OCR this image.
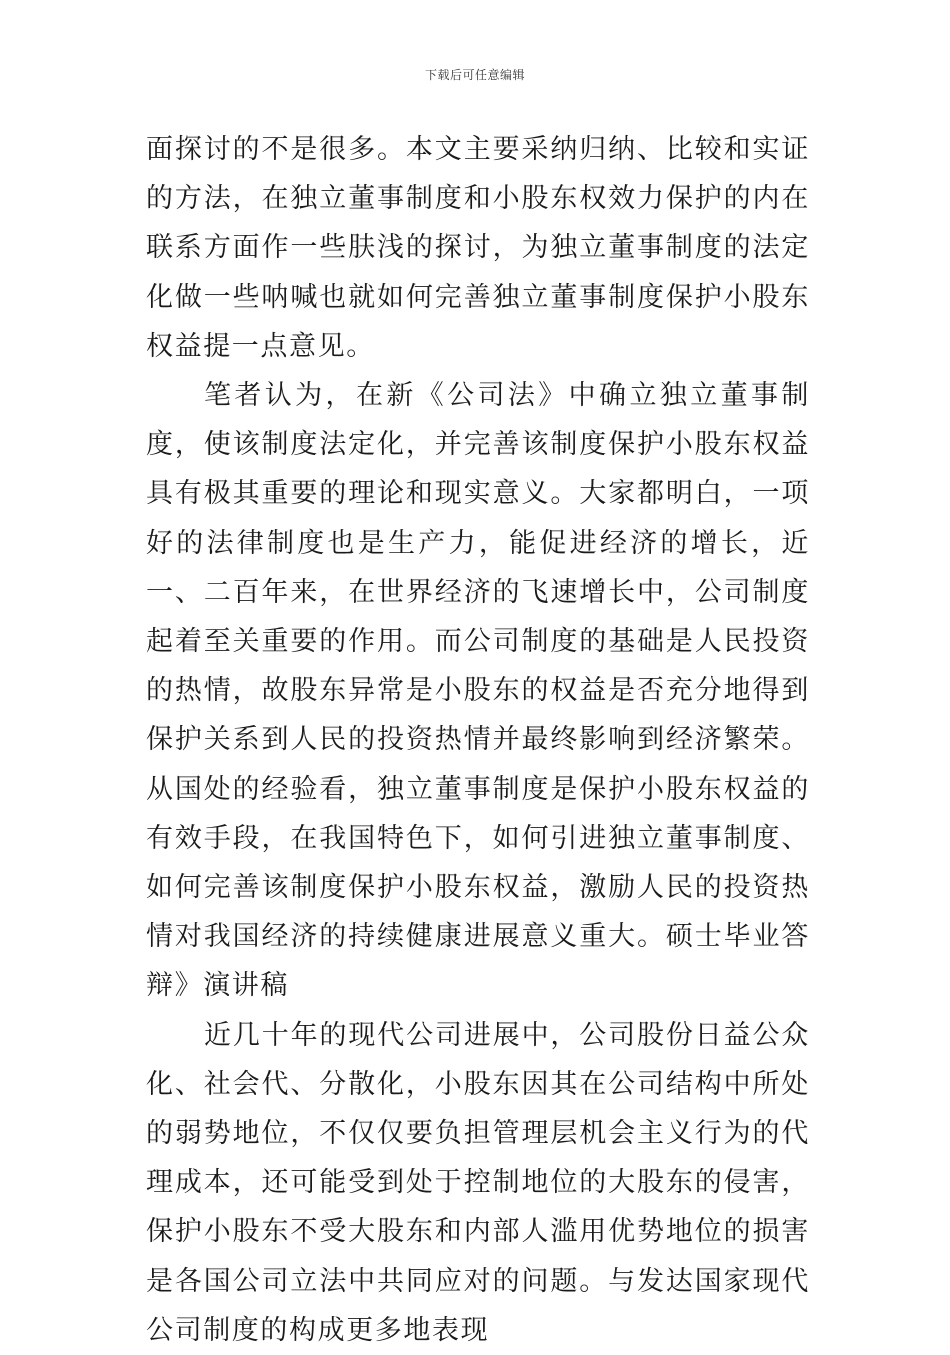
下载后可任意编辑

面探讨的不是很多。本文主要采纳归纳、比较和实证的方法，在独立董事制度和小股东权效力保护的内在联系方面作一些肤浅的探讨，为独立董事制度的法定化做一些呐喊也就如何完善独立董事制度保护小股东权益提一点意见。

笔者认为，在新《公司法》中确立独立董事制度，使该制度法定化，并完善该制度保护小股东权益具有极其重要的理论和现实意义。大家都明白，一项好的法律制度也是生产力，能促进经济的增长，近一、二百年来，在世界经济的飞速增长中，公司制度起着至关重要的作用。而公司制度的基础是人民投资的热情，故股东异常是小股东的权益是否充分地得到保护关系到人民的投资热情并最终影响到经济繁荣。从国处的经验看，独立董事制度是保护小股东权益的有效手段，在我国特色下，如何引进独立董事制度、如何完善该制度保护小股东权益，激励人民的投资热情对我国经济的持续健康进展意义重大。硕士毕业答辩》演讲稿

近几十年的现代公司进展中，公司股份日益公众化、社会代、分散化，小股东因其在公司结构中所处的弱势地位，不仅仅要负担管理层机会主义行为的代理成本，还可能受到处于控制地位的大股东的侵害，保护小股东不受大股东和内部人滥用优势地位的损害是各国公司立法中共同应对的问题。与发达国家现代公司制度的构成更多地表现
